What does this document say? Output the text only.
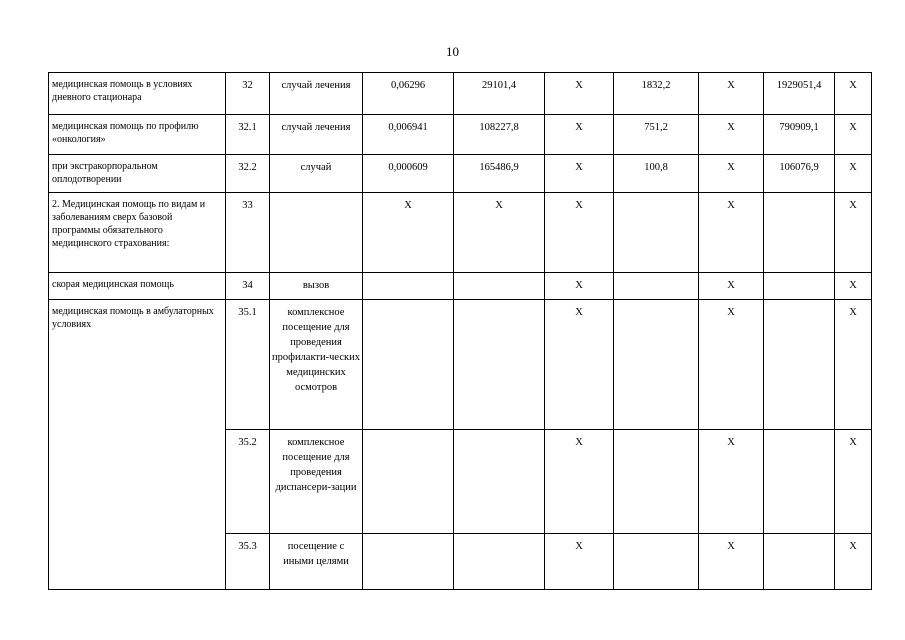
10
медицинская помощь в условиях дневного стационара	32	случай лечения	0,06296	29101,4	Х	1832,2	Х	1929051,4	Х
медицинская помощь по профилю «онкология»	32.1	случай лечения	0,006941	108227,8	Х	751,2	Х	790909,1	Х
при экстракорпоральном оплодотворении	32.2	случай	0,000609	165486,9	Х	100,8	Х	106076,9	Х
2. Медицинская помощь по видам и заболеваниям сверх базовой программы обязательного медицинского страхования:	33		Х	Х	Х		Х		Х
скорая медицинская помощь	34	вызов			Х		Х		Х
медицинская помощь в амбулаторных условиях	35.1	комплексное посещение для проведения профилакти-ческих медицинских осмотров			Х		Х		Х
	35.2	комплексное посещение для проведения диспансери-зации			Х		Х		Х
	35.3	посещение с иными целями			Х		Х		Х
